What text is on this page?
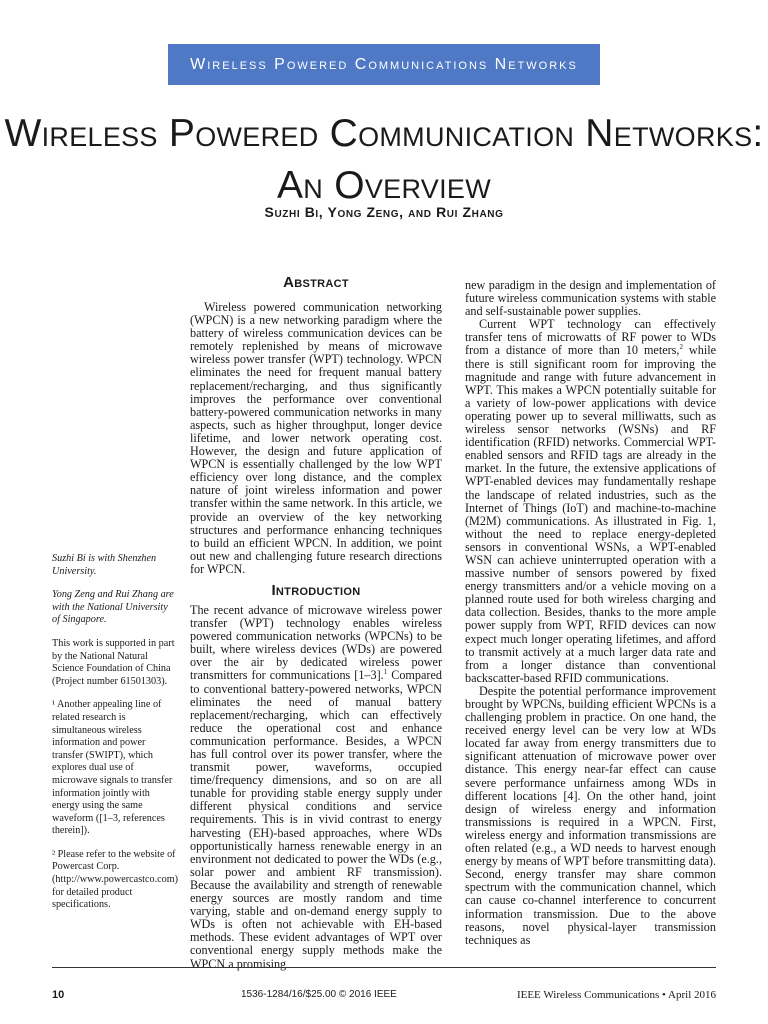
Wireless Powered Communications Networks
Wireless Powered Communication Networks:
An Overview
Suzhi Bi, Yong Zeng, and Rui Zhang

Suzhi Bi is with Shenzhen University.

Yong Zeng and Rui Zhang are with the National University of Singapore.

This work is supported in part by the National Natural Science Foundation of China (Project number 61501303).

¹ Another appealing line of related research is simultaneous wireless information and power transfer (SWIPT), which explores dual use of microwave signals to transfer information jointly with energy using the same waveform ([1–3, references therein]).

² Please refer to the website of Powercast Corp. (http://www.powercastco.com) for detailed product specifications.

Abstract

Wireless powered communication networking (WPCN) is a new networking paradigm where the battery of wireless communication devices can be remotely replenished by means of microwave wireless power transfer (WPT) technology. WPCN eliminates the need for frequent manual battery replacement/recharging, and thus significantly improves the performance over conventional battery-powered communication networks in many aspects, such as higher throughput, longer device lifetime, and lower network operating cost. However, the design and future application of WPCN is essentially challenged by the low WPT efficiency over long distance, and the complex nature of joint wireless information and power transfer within the same network. In this article, we provide an overview of the key networking structures and performance enhancing techniques to build an efficient WPCN. In addition, we point out new and challenging future research directions for WPCN.

Introduction

The recent advance of microwave wireless power transfer (WPT) technology enables wireless powered communication networks (WPCNs) to be built, where wireless devices (WDs) are powered over the air by dedicated wireless power transmitters for communications [1–3].$^1$ Compared to conventional battery-powered networks, WPCN eliminates the need of manual battery replacement/recharging, which can effectively reduce the operational cost and enhance communication performance. Besides, a WPCN has full control over its power transfer, where the transmit power, waveforms, occupied time/frequency dimensions, and so on are all tunable for providing stable energy supply under different physical conditions and service requirements. This is in vivid contrast to energy harvesting (EH)-based approaches, where WDs opportunistically harness renewable energy in an environment not dedicated to power the WDs (e.g., solar power and ambient RF transmission). Because the availability and strength of renewable energy sources are mostly random and time varying, stable and on-demand energy supply to WDs is often not achievable with EH-based methods. These evident advantages of WPT over conventional energy supply methods make the WPCN a promising

new paradigm in the design and implementation of future wireless communication systems with stable and self-sustainable power supplies.

Current WPT technology can effectively transfer tens of microwatts of RF power to WDs from a distance of more than 10 meters,$^2$ while there is still significant room for improving the magnitude and range with future advancement in WPT. This makes a WPCN potentially suitable for a variety of low-power applications with device operating power up to several milliwatts, such as wireless sensor networks (WSNs) and RF identification (RFID) networks. Commercial WPT-enabled sensors and RFID tags are already in the market. In the future, the extensive applications of WPT-enabled devices may fundamentally reshape the landscape of related industries, such as the Internet of Things (IoT) and machine-to-machine (M2M) communications. As illustrated in Fig. 1, without the need to replace energy-depleted sensors in conventional WSNs, a WPT-enabled WSN can achieve uninterrupted operation with a massive number of sensors powered by fixed energy transmitters and/or a vehicle moving on a planned route used for both wireless charging and data collection. Besides, thanks to the more ample power supply from WPT, RFID devices can now expect much longer operating lifetimes, and afford to transmit actively at a much larger data rate and from a longer distance than conventional backscatter-based RFID communications.

Despite the potential performance improvement brought by WPCNs, building efficient WPCNs is a challenging problem in practice. On one hand, the received energy level can be very low at WDs located far away from energy transmitters due to significant attenuation of microwave power over distance. This energy near-far effect can cause severe performance unfairness among WDs in different locations [4]. On the other hand, joint design of wireless energy and information transmissions is required in a WPCN. First, wireless energy and information transmissions are often related (e.g., a WD needs to harvest enough energy by means of WPT before transmitting data). Second, energy transfer may share common spectrum with the communication channel, which can cause co-channel interference to concurrent information transmission. Due to the above reasons, novel physical-layer transmission techniques as

10	1536-1284/16/$25.00 © 2016 IEEE	IEEE Wireless Communications • April 2016
